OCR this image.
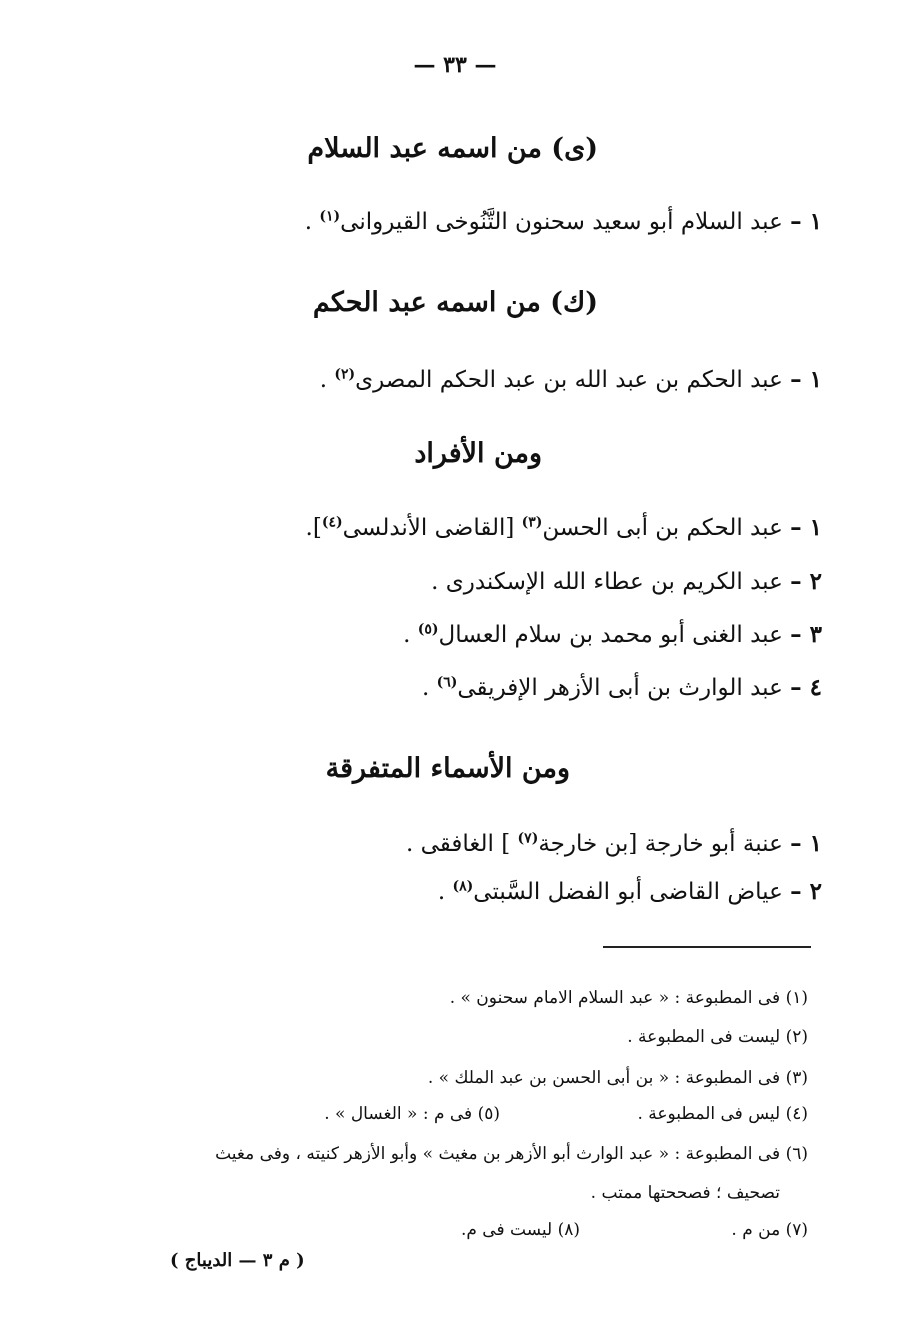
— ٣٣ —
(ى) من اسمه عبد السلام
١ – عبد السلام أبو سعيد سحنون التَّنُوخى القيروانى$^{(١)}$ .
(ك) من اسمه عبد الحكم
١ – عبد الحكم بن عبد الله بن عبد الحكم المصرى$^{(٢)}$ .
ومن الأفراد
١ – عبد الحكم بن أبى الحسن$^{(٣)}$ [القاضى الأندلسى$^{(٤)}$].
٢ – عبد الكريم بن عطاء الله الإسكندرى .
٣ – عبد الغنى أبو محمد بن سلام العسال$^{(٥)}$ .
٤ – عبد الوارث بن أبى الأزهر الإفريقى$^{(٦)}$ .
ومن الأسماء المتفرقة
١ – عنبة أبو خارجة [بن خارجة$^{(٧)}$ ] الغافقى .
٢ – عياض القاضى أبو الفضل السَّبتى$^{(٨)}$ .
(١) فى المطبوعة : « عبد السلام الامام سحنون » .
(٢) ليست فى المطبوعة .
(٣) فى المطبوعة : « بن أبى الحسن بن عبد الملك » .
(٤) ليس فى المطبوعة .
(٥) فى م : « الغسال » .
(٦) فى المطبوعة : « عبد الوارث أبو الأزهر بن مغيث » وأبو الأزهر كنيته ، وفى مغيث
تصحيف ؛ فصححتها ممتب .
(٧) من م .
(٨) ليست فى م.
( م ٣ — الديباج )
